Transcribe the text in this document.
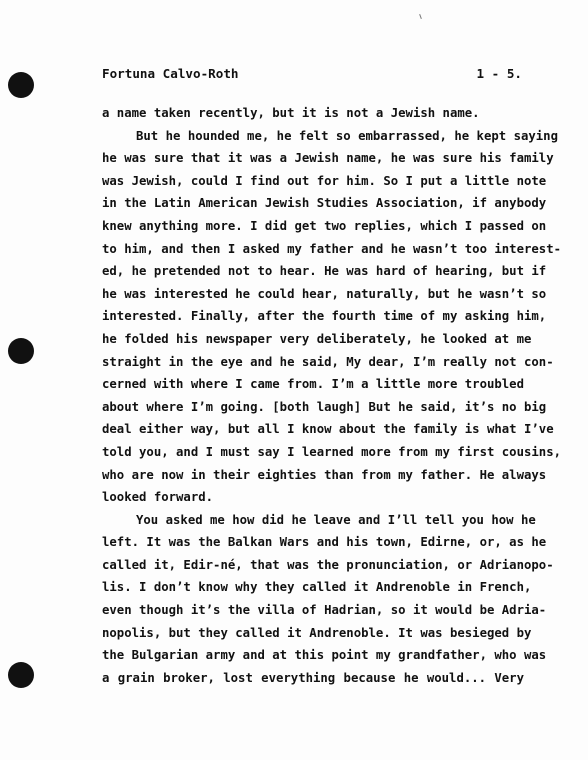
Fortuna Calvo-Roth	1 - 5.
a name taken recently, but it is not a Jewish name.
But he hounded me, he felt so embarrassed, he kept saying
he was sure that it was a Jewish name, he was sure his family
was Jewish, could I find out for him. So I put a little note
in the Latin American Jewish Studies Association, if anybody
knew anything more. I did get two replies, which I passed on
to him, and then I asked my father and he wasn’t too interest-
ed, he pretended not to hear. He was hard of hearing, but if
he was interested he could hear, naturally, but he wasn’t so
interested. Finally, after the fourth time of my asking him,
he folded his newspaper very deliberately, he looked at me
straight in the eye and he said, My dear, I’m really not con-
cerned with where I came from. I’m a little more troubled
about where I’m going. [both laugh] But he said, it’s no big
deal either way, but all I know about the family is what I’ve
told you, and I must say I learned more from my first cousins,
who are now in their eighties than from my father. He always
looked forward.
You asked me how did he leave and I’ll tell you how he
left. It was the Balkan Wars and his town, Edirne, or, as he
called it, Edir-né, that was the pronunciation, or Adrianopo-
lis. I don’t know why they called it Andrenoble in French,
even though it’s the villa of Hadrian, so it would be Adria-
nopolis, but they called it Andrenoble. It was besieged by
the Bulgarian army and at this point my grandfather, who was
a grain broker, lost everything because he would... Very
